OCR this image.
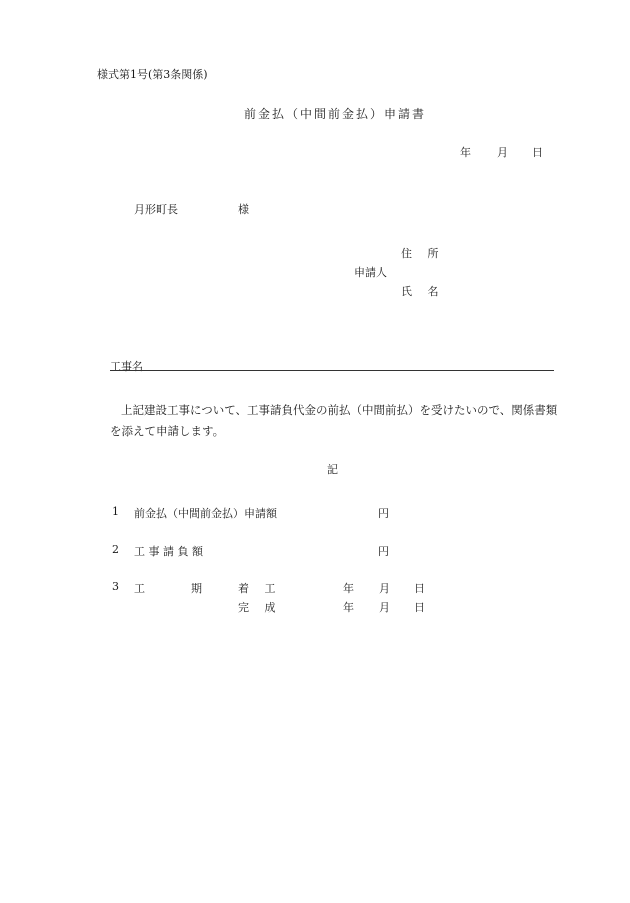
様式第1号(第3条関係)
前金払（中間前金払）申請書
年 月 日
月形町長	様
住 所
申請人
氏 名
工事名
上記建設工事について、工事請負代金の前払（中間前払）を受けたいので、関係書類
を添えて申請します。
記
1 前金払（中間前金払）申請額	円
2 工 事 請 負 額	円
3 工	期	着 工	年 月 日
完 成	年 月 日
